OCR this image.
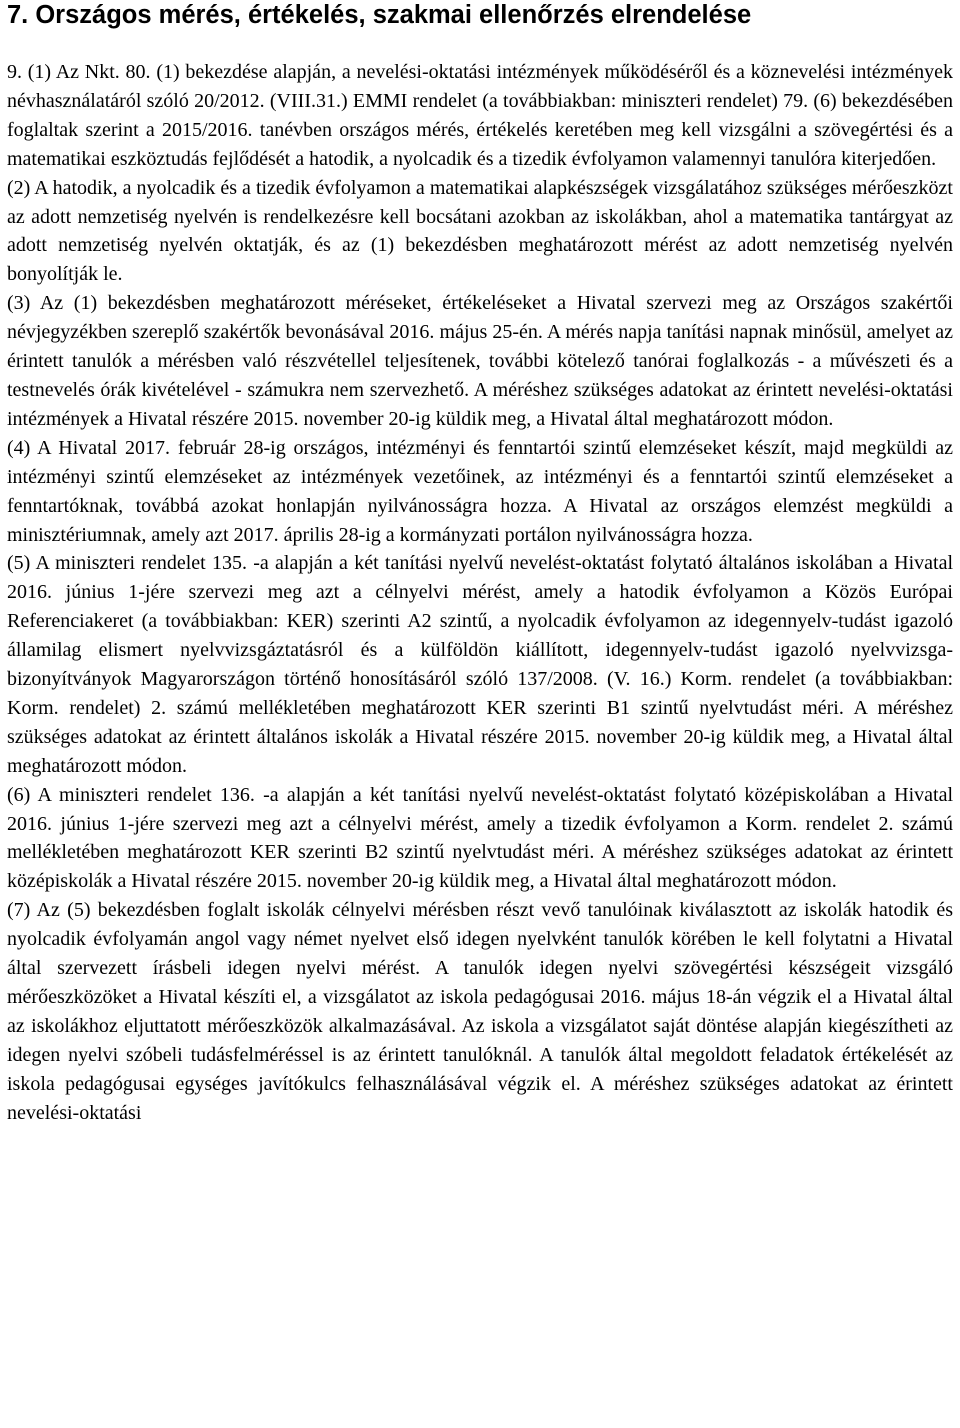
7. Országos mérés, értékelés, szakmai ellenőrzés elrendelése

9. (1) Az Nkt. 80. (1) bekezdése alapján, a nevelési-oktatási intézmények működéséről és a köznevelési intézmények névhasználatáról szóló 20/2012. (VIII.31.) EMMI rendelet (a továbbiakban: miniszteri rendelet) 79. (6) bekezdésében foglaltak szerint a 2015/2016. tanévben országos mérés, értékelés keretében meg kell vizsgálni a szövegértési és a matematikai eszköztudás fejlődését a hatodik, a nyolcadik és a tizedik évfolyamon valamennyi tanulóra kiterjedően.

(2) A hatodik, a nyolcadik és a tizedik évfolyamon a matematikai alapkészségek vizsgálatához szükséges mérőeszközt az adott nemzetiség nyelvén is rendelkezésre kell bocsátani azokban az iskolákban, ahol a matematika tantárgyat az adott nemzetiség nyelvén oktatják, és az (1) bekezdésben meghatározott mérést az adott nemzetiség nyelvén bonyolítják le.

(3) Az (1) bekezdésben meghatározott méréseket, értékeléseket a Hivatal szervezi meg az Országos szakértői névjegyzékben szereplő szakértők bevonásával 2016. május 25-én. A mérés napja tanítási napnak minősül, amelyet az érintett tanulók a mérésben való részvétellel teljesítenek, további kötelező tanórai foglalkozás - a művészeti és a testnevelés órák kivételével - számukra nem szervezhető. A méréshez szükséges adatokat az érintett nevelési-oktatási intézmények a Hivatal részére 2015. november 20-ig küldik meg, a Hivatal által meghatározott módon.

(4) A Hivatal 2017. február 28-ig országos, intézményi és fenntartói szintű elemzéseket készít, majd megküldi az intézményi szintű elemzéseket az intézmények vezetőinek, az intézményi és a fenntartói szintű elemzéseket a fenntartóknak, továbbá azokat honlapján nyilvánosságra hozza. A Hivatal az országos elemzést megküldi a minisztériumnak, amely azt 2017. április 28-ig a kormányzati portálon nyilvánosságra hozza.

(5) A miniszteri rendelet 135. -a alapján a két tanítási nyelvű nevelést-oktatást folytató általános iskolában a Hivatal 2016. június 1-jére szervezi meg azt a célnyelvi mérést, amely a hatodik évfolyamon a Közös Európai Referenciakeret (a továbbiakban: KER) szerinti A2 szintű, a nyolcadik évfolyamon az idegennyelv-tudást igazoló államilag elismert nyelvvizsgáztatásról és a külföldön kiállított, idegennyelv-tudást igazoló nyelvvizsga-bizonyítványok Magyarországon történő honosításáról szóló 137/2008. (V. 16.) Korm. rendelet (a továbbiakban: Korm. rendelet) 2. számú mellékletében meghatározott KER szerinti B1 szintű nyelvtudást méri. A méréshez szükséges adatokat az érintett általános iskolák a Hivatal részére 2015. november 20-ig küldik meg, a Hivatal által meghatározott módon.

(6) A miniszteri rendelet 136. -a alapján a két tanítási nyelvű nevelést-oktatást folytató középiskolában a Hivatal 2016. június 1-jére szervezi meg azt a célnyelvi mérést, amely a tizedik évfolyamon a Korm. rendelet 2. számú mellékletében meghatározott KER szerinti B2 szintű nyelvtudást méri. A méréshez szükséges adatokat az érintett középiskolák a Hivatal részére 2015. november 20-ig küldik meg, a Hivatal által meghatározott módon.

(7) Az (5) bekezdésben foglalt iskolák célnyelvi mérésben részt vevő tanulóinak kiválasztott az iskolák hatodik és nyolcadik évfolyamán angol vagy német nyelvet első idegen nyelvként tanulók körében le kell folytatni a Hivatal által szervezett írásbeli idegen nyelvi mérést. A tanulók idegen nyelvi szövegértési készségeit vizsgáló mérőeszközöket a Hivatal készíti el, a vizsgálatot az iskola pedagógusai 2016. május 18-án végzik el a Hivatal által az iskolákhoz eljuttatott mérőeszközök alkalmazásával. Az iskola a vizsgálatot saját döntése alapján kiegészítheti az idegen nyelvi szóbeli tudásfelméréssel is az érintett tanulóknál. A tanulók által megoldott feladatok értékelését az iskola pedagógusai egységes javítókulcs felhasználásával végzik el. A méréshez szükséges adatokat az érintett nevelési-oktatási
